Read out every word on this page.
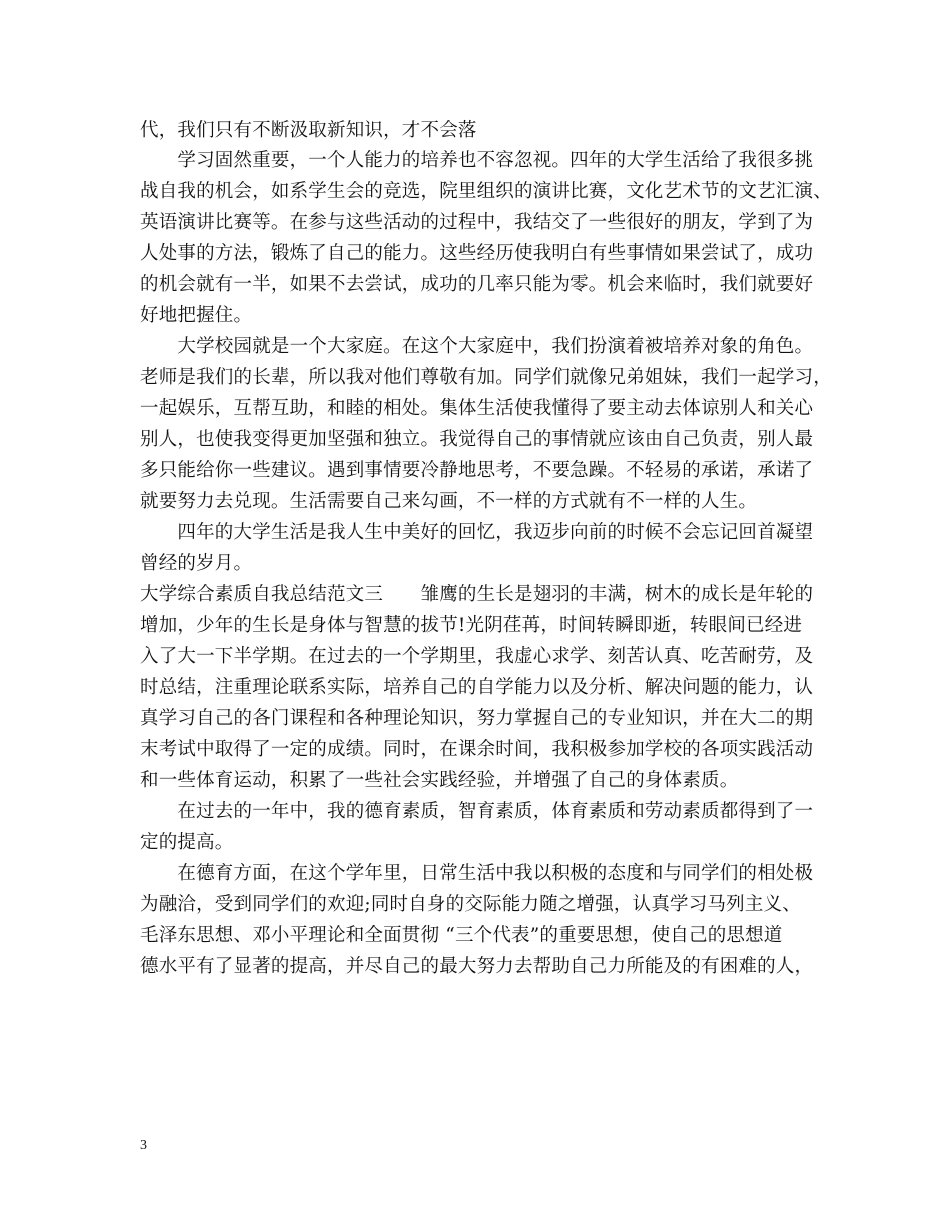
代，我们只有不断汲取新知识，才不会落
　　学习固然重要，一个人能力的培养也不容忽视。四年的大学生活给了我很多挑
战自我的机会，如系学生会的竞选，院里组织的演讲比赛，文化艺术节的文艺汇演、
英语演讲比赛等。在参与这些活动的过程中，我结交了一些很好的朋友，学到了为
人处事的方法，锻炼了自己的能力。这些经历使我明白有些事情如果尝试了，成功
的机会就有一半，如果不去尝试，成功的几率只能为零。机会来临时，我们就要好
好地把握住。
　　大学校园就是一个大家庭。在这个大家庭中，我们扮演着被培养对象的角色。
老师是我们的长辈，所以我对他们尊敬有加。同学们就像兄弟姐妹，我们一起学习，
一起娱乐，互帮互助，和睦的相处。集体生活使我懂得了要主动去体谅别人和关心
别人，也使我变得更加坚强和独立。我觉得自己的事情就应该由自己负责，别人最
多只能给你一些建议。遇到事情要冷静地思考，不要急躁。不轻易的承诺，承诺了
就要努力去兑现。生活需要自己来勾画，不一样的方式就有不一样的人生。
　　四年的大学生活是我人生中美好的回忆，我迈步向前的时候不会忘记回首凝望
曾经的岁月。
大学综合素质自我总结范文三　　雏鹰的生长是翅羽的丰满，树木的成长是年轮的
增加，少年的生长是身体与智慧的拔节!光阴荏苒，时间转瞬即逝，转眼间已经进
入了大一下半学期。在过去的一个学期里，我虚心求学、刻苦认真、吃苦耐劳，及
时总结，注重理论联系实际，培养自己的自学能力以及分析、解决问题的能力，认
真学习自己的各门课程和各种理论知识，努力掌握自己的专业知识，并在大二的期
末考试中取得了一定的成绩。同时，在课余时间，我积极参加学校的各项实践活动
和一些体育运动，积累了一些社会实践经验，并增强了自己的身体素质。
　　在过去的一年中，我的德育素质，智育素质，体育素质和劳动素质都得到了一
定的提高。
　　在德育方面，在这个学年里，日常生活中我以积极的态度和与同学们的相处极
为融洽，受到同学们的欢迎;同时自身的交际能力随之增强，认真学习马列主义、
毛泽东思想、邓小平理论和全面贯彻 “三个代表”的重要思想，使自己的思想道
德水平有了显著的提高，并尽自己的最大努力去帮助自己力所能及的有困难的人，
3
